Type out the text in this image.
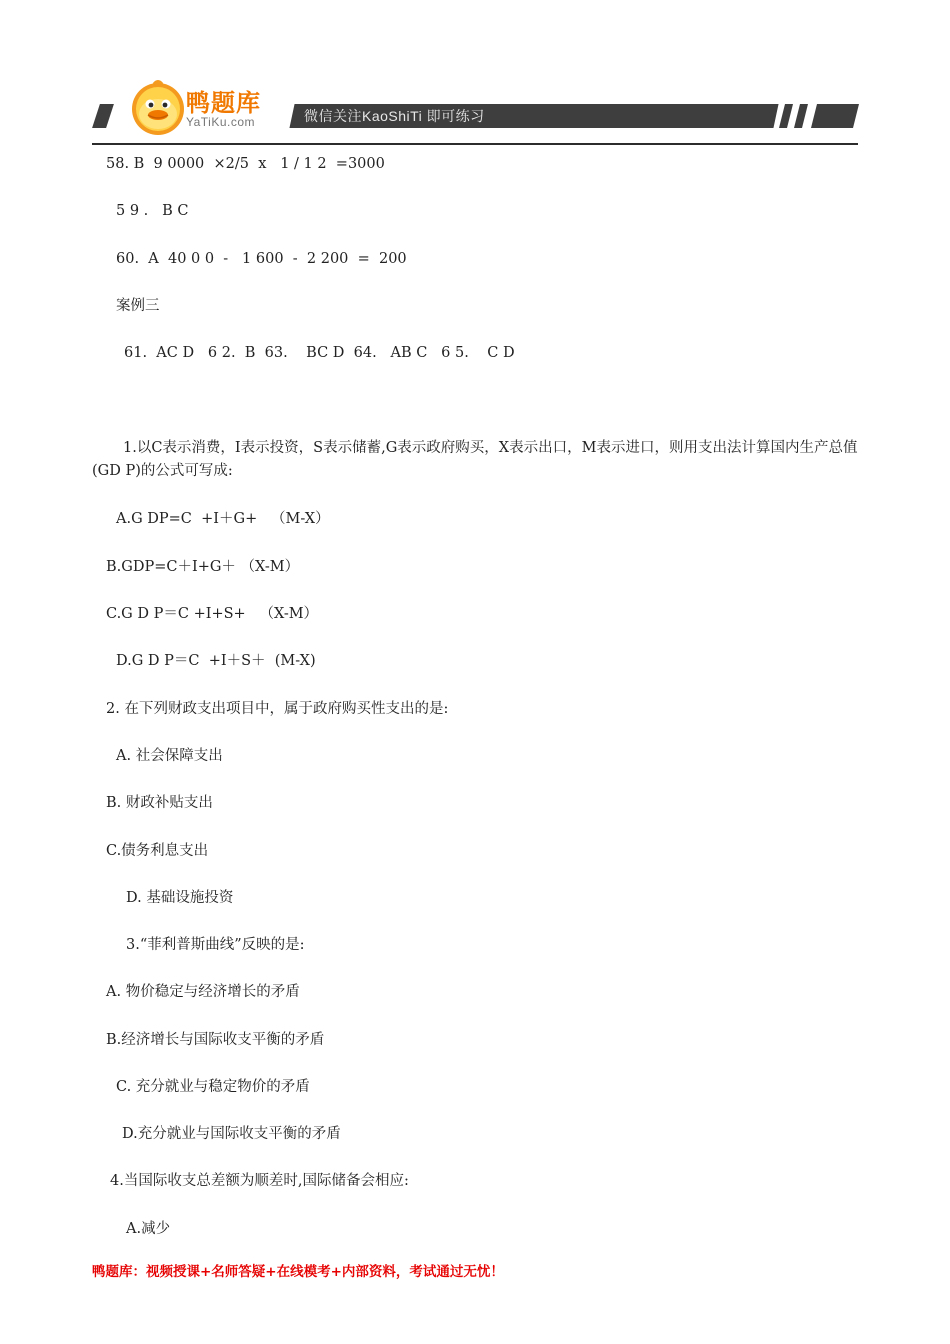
微信关注KaoShiTi 即可练习
鸭题库
YaTiKu.com
58. B  9 0000  ×2/5  x   1 / 1 2  =3000
5 9 .   B C
60.  A  40 0 0  -   1 600  -  2 200  =  200
案例三
61.  AC D   6 2.  B  63.    BC D  64.   AB C   6 5.    C D
1.以C表示消费，I表示投资，S表示储蓄,G表示政府购买，X表示出口，M表示进口，则用支出法计算国内生产总值(GD P)的公式可写成:
A.G DP=C  +I＋G+   （M-X）
B.GDP=C＋I+G＋ （X-M）
C.G D P＝C +I+S+   （X-M）
D.G D P＝C  +I＋S＋  (M-X)
2. 在下列财政支出项目中，属于政府购买性支出的是:
A. 社会保障支出
B. 财政补贴支出
C.债务利息支出
D. 基础设施投资
3.“菲利普斯曲线”反映的是:
A. 物价稳定与经济增长的矛盾
B.经济增长与国际收支平衡的矛盾
C. 充分就业与稳定物价的矛盾
D.充分就业与国际收支平衡的矛盾
4.当国际收支总差额为顺差时,国际储备会相应:
A.减少
鸭题库：视频授课+名师答疑+在线模考+内部资料，考试通过无忧！
